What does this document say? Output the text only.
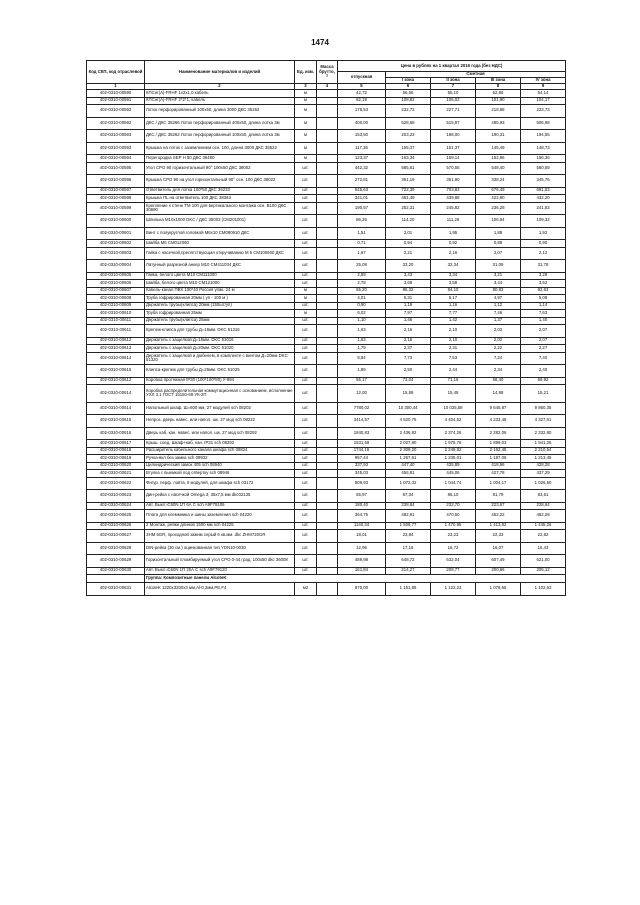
1474
Код СКП, код отраслевой	Наименование материалов и изделий	Ед. изм.	Масса брутто, т	Цена в рублях на 1 квартал 2016 года (без НДС)				
				отпускная	Сметная			
					I зона	II зона	III зона	IV зона
1	2	3	4	5	6	7	8	9
402-0310-00590	КПСнг(А)-FRHF 1х2х1,0 кабель	м		42,72	56,56	55,10	52,86	54,14
402-0310-00591	КПСнг(А)-FRHF 2*2*1, кабель	м		82,19	108,82	106,02	101,90	104,17
402-0310-00592	Лоток перфорированный 100х50, длина 3000 ДКС 35262	м		175,53	232,72	227,71	218,88	223,73
402-0310-00592	ДКС / ДКС 35266 Лоток перфорированный 400х50, длина лотка 3м	м		400,00	528,58	515,97	495,93	506,98
402-0310-00593	ДКС / ДКС 35262 Лоток перфорированный 100х50, длина лотка 3м	м		153,50	203,23	198,00	190,31	194,55
402-0310-00593	Крышка на лоток с заземлением осн. 100, длина 3000 ДКС 35522	м		117,35	155,37	151,37	145,49	148,73
402-0310-00594	Перегородка SEP H 50 ДКС 36480	м		123,37	163,34	159,14	152,96	156,36
402-0310-00595	Угол CPO 90 горизонтальный 90° 100х50 ДКС 38002	шт.		442,32	585,61	570,55	548,40	560,59
402-0310-00596	Крышка CPO 90 на угол горизонтальный 90° осн. 100 ДКС 38022	шт.		272,81	361,19	351,90	338,24	345,76
402-0310-00597	Ответвитель для лотка 100*50 ДКС 36233	шт.		545,63	722,39	703,82	676,49	691,53
402-0310-00598	Крышка ПL на ответвитель 100 ДКС 38363	шт.		341,01	451,49	439,88	422,80	432,20
402-0310-00599	Крепление к стене ТМ 100 для вертикального монтажа осн. В100 ДКС 30690	шт.		190,57	252,31	245,82	236,28	241,53
402-0310-00600	Шпилька М10х1000 DKC / ДКС 35003 (CM201001)	шт.		86,26	114,20	111,26	106,94	109,32
402-0310-00601	Винт с полукруглой головкой М6х10 CM090610 ДКС	шт.		1,51	2,01	1,95	1,88	1,92
402-0310-00602	Шайба М6 CM012060	шт.		0,71	0,94	0,92	0,88	0,90
402-0310-00603	Гайка с насечкой,препятствующая откручиванию М 6 CM100600 ДКС	шт.		1,67	2,21	2,16	2,07	2,12
402-0310-00604	Латунный разрезной анкер М10 CM411034 ДКС	шт.		25,08	33,20	32,34	31,09	31,78
402-0310-00605	Гайка, белого цвета М10 CM111000	шт.		2,59	3,43	3,34	3,21	3,28
402-0310-00606	Шайба, белого цвета М10 CM121000	шт.		2,78	3,68	3,58	3,44	3,52
402-0310-00607	Кабель-канал ПВХ 100*40 Россия упак. 24 м	м		65,20	86,32	84,10	80,83	82,63
402-0310-00608	Труба гофрированная 20мм ( уп - 100 м )	м		4,01	5,31	5,17	4,97	5,08
402-0310-00609	Держатель трубы(клипса) 20мм (150шт/уп)	шт.		0,90	1,19	1,16	1,12	1,14
402-0310-00610	Труба гофрированная 25мм	м		6,02	7,97	7,77	7,46	7,63
402-0310-00611	Держатель трубы(клипса) 25мм	шт.		1,10	1,46	1,42	1,37	1,40
402-0310-00611	Крепеж-клипса для трубы Д=16мм. DKC 51316	шт.		1,63	2,16	2,10	2,02	2,07
402-0310-00612	Держатель с защелкой Д=16мм. DKC 51016	шт.		1,63	2,16	2,10	2,02	2,07
402-0310-00613	Держатель с защелкой Д=20мм. DKC 51020	шт.		1,79	2,37	2,31	2,22	2,27
402-0310-00614	Держатель с защелкой и дюбелем, в комплекте с винтом Д=20мм DKC 51320	шт.		5,84	7,73	7,53	7,24	7,40
402-0310-00615	Клипса-крепеж для трубы Д=25мм. DKC 51025	шт.		1,89	2,50	2,44	2,34	2,40
402-0310-00612	Коробка протяжная IP30 (100*100*80) У-994	шт.		55,17	73,04	71,16	68,40	69,92
402-0310-00614	Коробка распределительная коммутационная с основанием, исполнение УХЛ 3.1 ГОСТ 15150-69 УК-2П	шт.		12,00	15,89	15,48	14,88	15,21
402-0310-00614	Напольный шкаф. Ш=600 мм, 27 модулей sch 08202	шт.		7780,02	10 300,44	10 035,58	9 645,87	9 860,35
402-0310-00615	Непроз. дверь навес. или напол. шк. 27 мод sch 08222	шт.		3414,57	4 520,76	4 404,52	4 233,48	4 327,61
402-0310-00616	Дверь каб. кан. навес. или напол. шк. 27 мод sch 08292	шт.		1840,83	2 436,92	2 374,26	2 282,06	2 332,80
402-0310-00617	Крыш. соед. Шкаф+каб. кан. IP31 sch 08292	шт.		1531,69	2 027,90	1 975,76	1 899,03	1 941,26
402-0310-00618	Расширитель кабельного канала шкафа sch 08824	шт.		1744,16	2 309,20	2 249,82	2 162,45	2 210,54
402-0310-00619	Ручка-вкл без замка sch 08932	шт.		957,44	1 267,61	1 235,01	1 187,06	1 213,45
402-0310-00620	Цилиндрический замок 405 sch 08940	шт.		337,93	447,40	435,89	418,96	428,28
402-0310-00621	Втулка с выемкой под отвертку sch 08946	шт.		345,03	456,81	445,06	427,78	437,29
402-0310-00622	Фигур. перф. ловта, 6 модулей, для шкафа sch 03172	шт.		809,93	1 072,32	1 044,74	1 004,17	1 026,50
402-0310-00623	Дин-рейка с насечкой Omega 3, 35х7,5 мм dkc02135	шт.		65,97	87,34	85,10	81,79	83,61
402-0310-00624	Авт. Выкл iC60N 1П 6А С sch A9F79106	шт.		180,40	238,84	232,70	223,67	228,64
402-0310-00625	Плата для клеммника и шины заземления sch 04220	шт.		364,75	482,91	470,50	452,22	462,28
402-0310-00626	2 Монтаж. рейки длиной 1500 мм sch 04225	шт.		1140,34	1 509,77	1 470,95	1 413,82	1 445,26
402-0310-00627	ЗНМ 6GR, проходной зажим серый 6 кв.мм. dkc ZHM720GR	шт.		18,01	23,84	23,23	22,33	22,82
402-0310-00628	DIN-рейка (30 см.) оцинкованная тип YDN10-0030	шт.		12,96	17,16	16,72	16,07	16,43
402-0310-00629	Горизонтальный пломбируемый угол CPO 0-44 град. 100х50 dkc 36008	шт.		489,98	648,72	632,04	607,49	621,00
402-0310-00630	Авт. Выкл iC60N 1П 20А С sch A9F79120	шт.		161,84	214,27	208,77	200,66	205,12
	Группа: Композитные панели AlcoteK							
402-0310-00631	AlcoteK 1220х3200х3 мм,Al-0,3мм,PE,F4	м2		870,00	1 151,85	1 122,23	1 078,65	1 102,63
